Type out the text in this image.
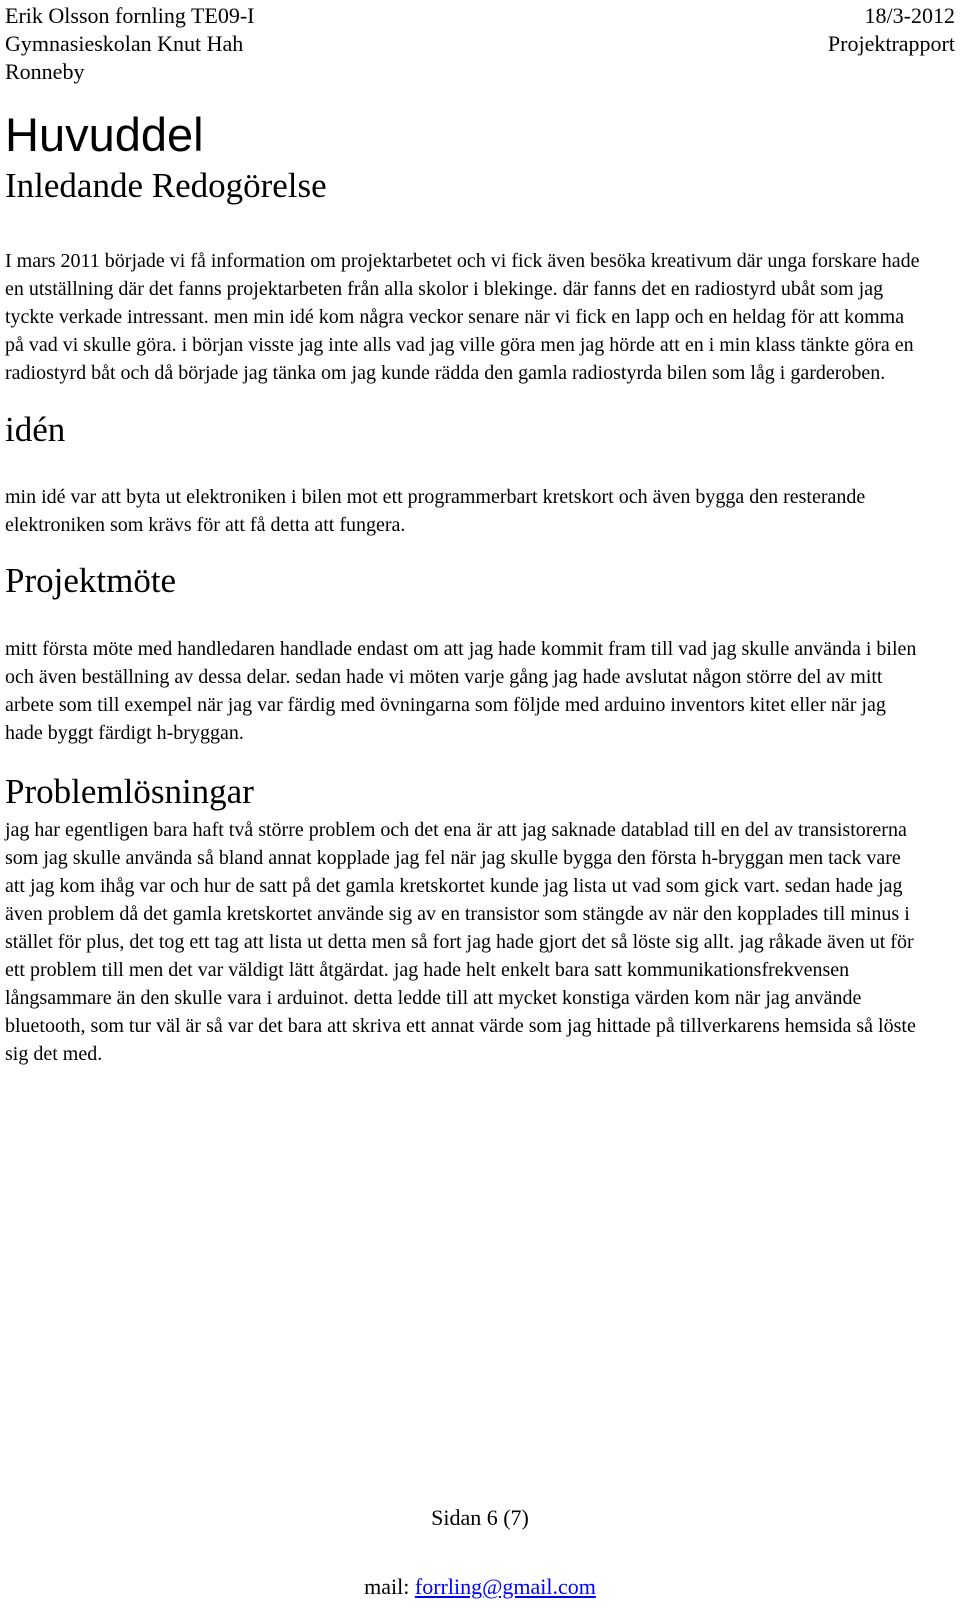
Erik Olsson fornling TE09-I	18/3-2012
Gymnasieskolan Knut Hah	Projektrapport
Ronneby
Huvuddel
Inledande Redogörelse

I mars 2011 började vi få information om projektarbetet och vi fick även besöka kreativum där unga forskare hade en utställning där det fanns projektarbeten från alla skolor i blekinge. där fanns det en radiostyrd ubåt som jag tyckte verkade intressant. men min idé kom några veckor senare när vi fick en lapp och en heldag för att komma på vad vi skulle göra. i början visste jag inte alls vad jag ville göra men jag hörde att en i min klass tänkte göra en radiostyrd båt och då började jag tänka om jag kunde rädda den gamla radiostyrda bilen som låg i garderoben.

idén

min idé var att byta ut elektroniken i bilen mot ett programmerbart kretskort och även bygga den resterande elektroniken som krävs för att få detta att fungera.

Projektmöte

mitt första möte med handledaren handlade endast om att jag hade kommit fram till vad jag skulle använda i bilen och även beställning av dessa delar. sedan hade vi möten varje gång jag hade avslutat någon större del av mitt arbete som till exempel när jag var färdig med övningarna som följde med arduino inventors kitet eller när jag hade byggt färdigt h-bryggan.

Problemlösningar

jag har egentligen bara haft två större problem och det ena är att jag saknade datablad till en del av transistorerna som jag skulle använda så bland annat kopplade jag fel när jag skulle bygga den första h-bryggan men tack vare att jag kom ihåg var och hur de satt på det gamla kretskortet kunde jag lista ut vad som gick vart. sedan hade jag även problem då det gamla kretskortet använde sig av en transistor som stängde av när den kopplades till minus i stället för plus, det tog ett tag att lista ut detta men så fort jag hade gjort det så löste sig allt. jag råkade även ut för ett problem till men det var väldigt lätt åtgärdat. jag hade helt enkelt bara satt kommunikationsfrekvensen långsammare än den skulle vara i arduinot. detta ledde till att mycket konstiga värden kom när jag använde bluetooth, som tur väl är så var det bara att skriva ett annat värde som jag hittade på tillverkarens hemsida så löste sig det med.

Sidan 6 (7)
mail: forrling@gmail.com
